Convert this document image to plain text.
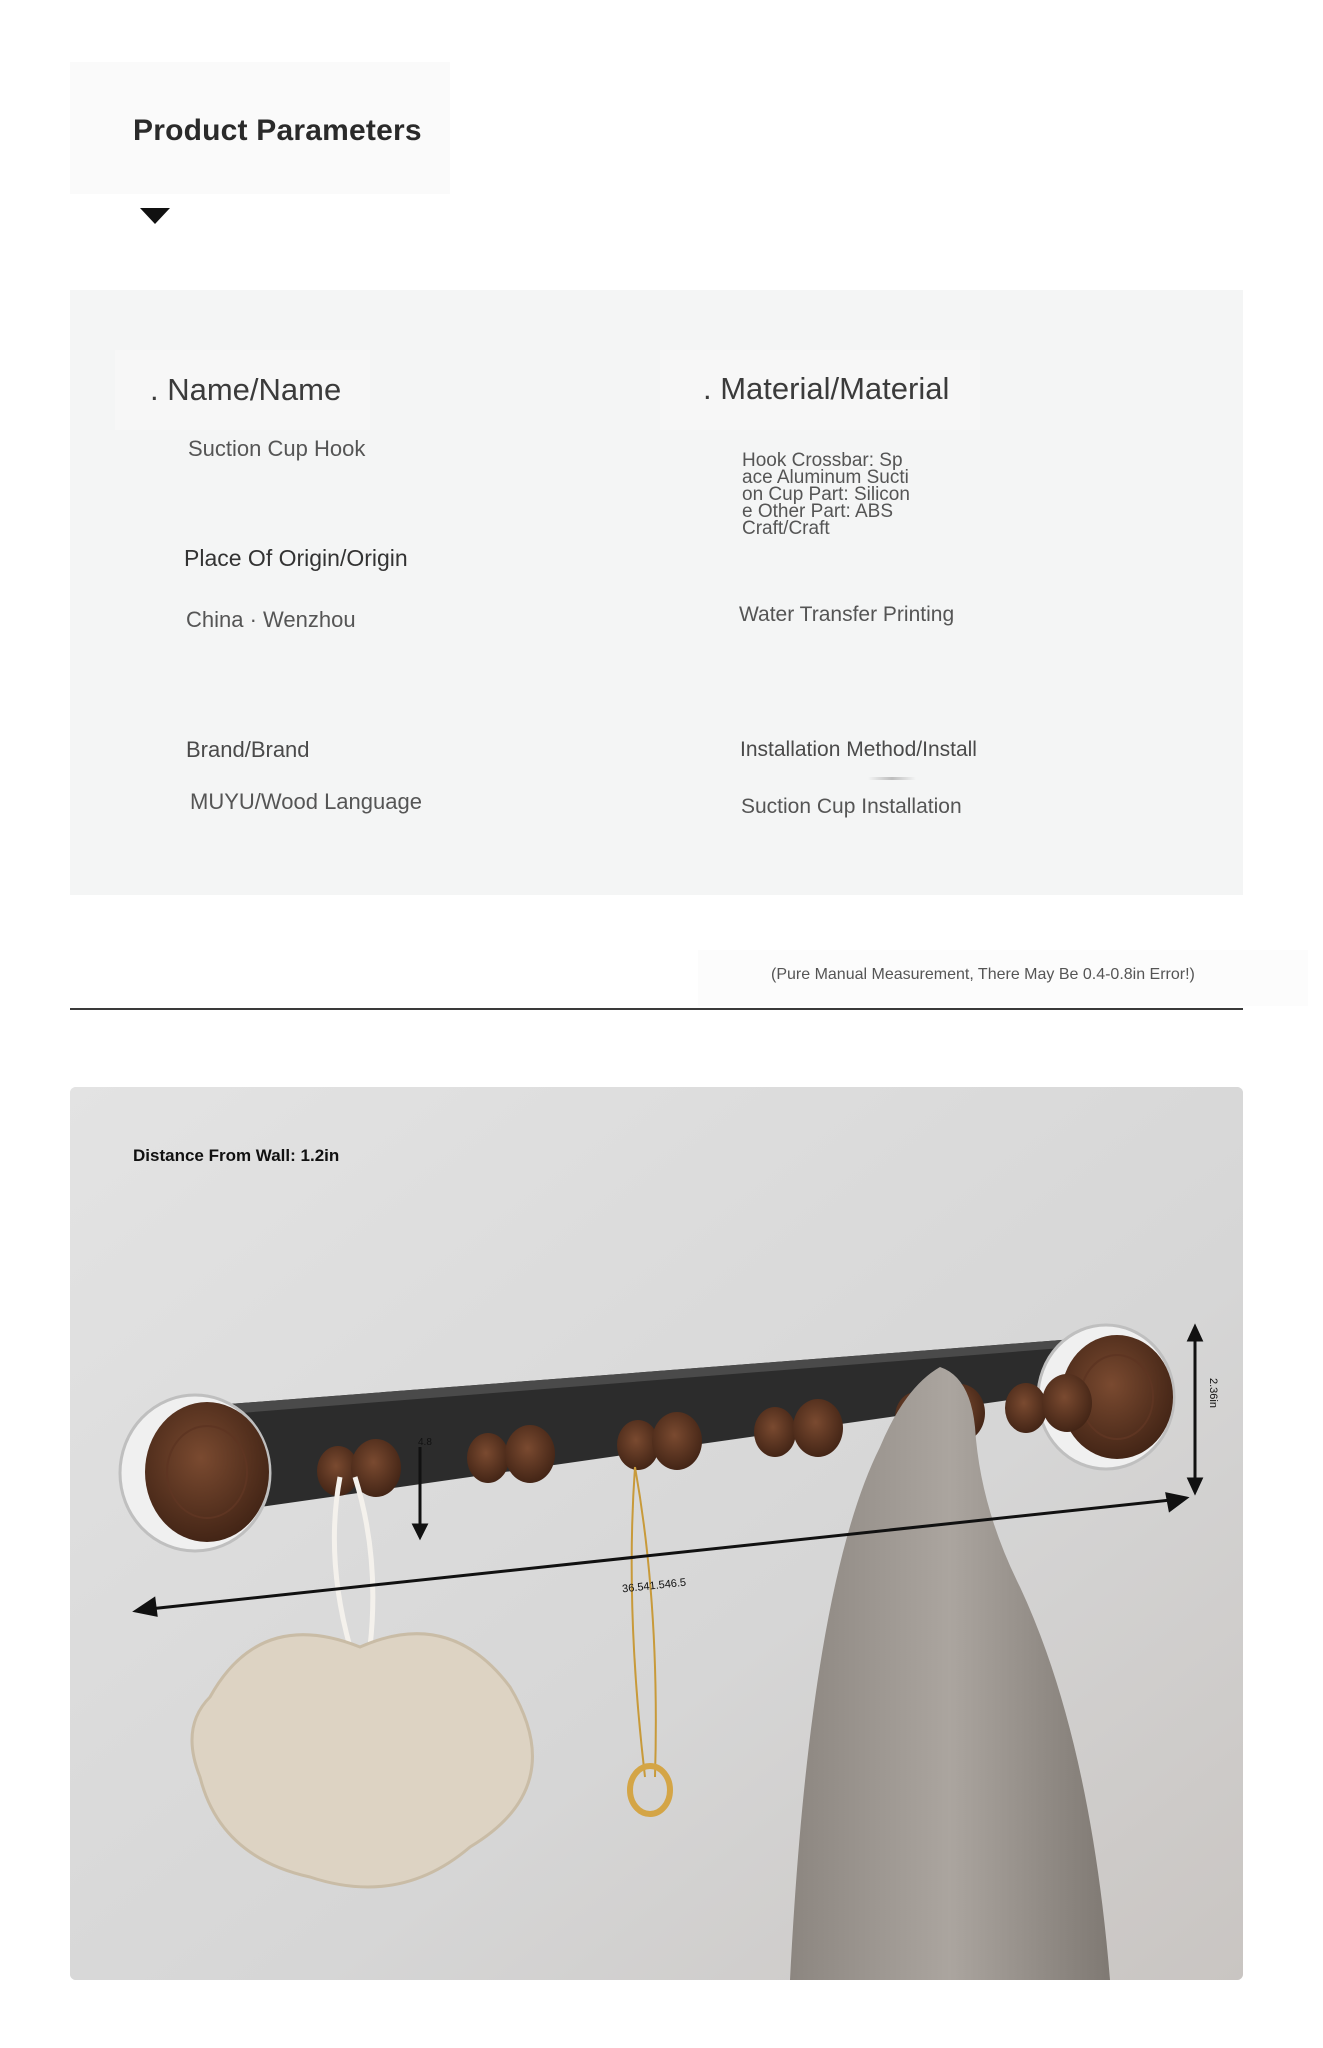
Product Parameters
. Name/Name
Suction Cup Hook
. Material/Material
Hook Crossbar: Space Aluminum Suction Cup Part: Silicone Other Part: ABS Craft/Craft
Place Of Origin/Origin
China · Wenzhou	Water Transfer Printing
Brand/Brand
MUYU/Wood Language
Installation Method/Install
Suction Cup Installation
(Pure Manual Measurement, There May Be 0.4-0.8in Error!)
Distance From Wall: 1.2in
4.8
36.541.546.5
2.36in
